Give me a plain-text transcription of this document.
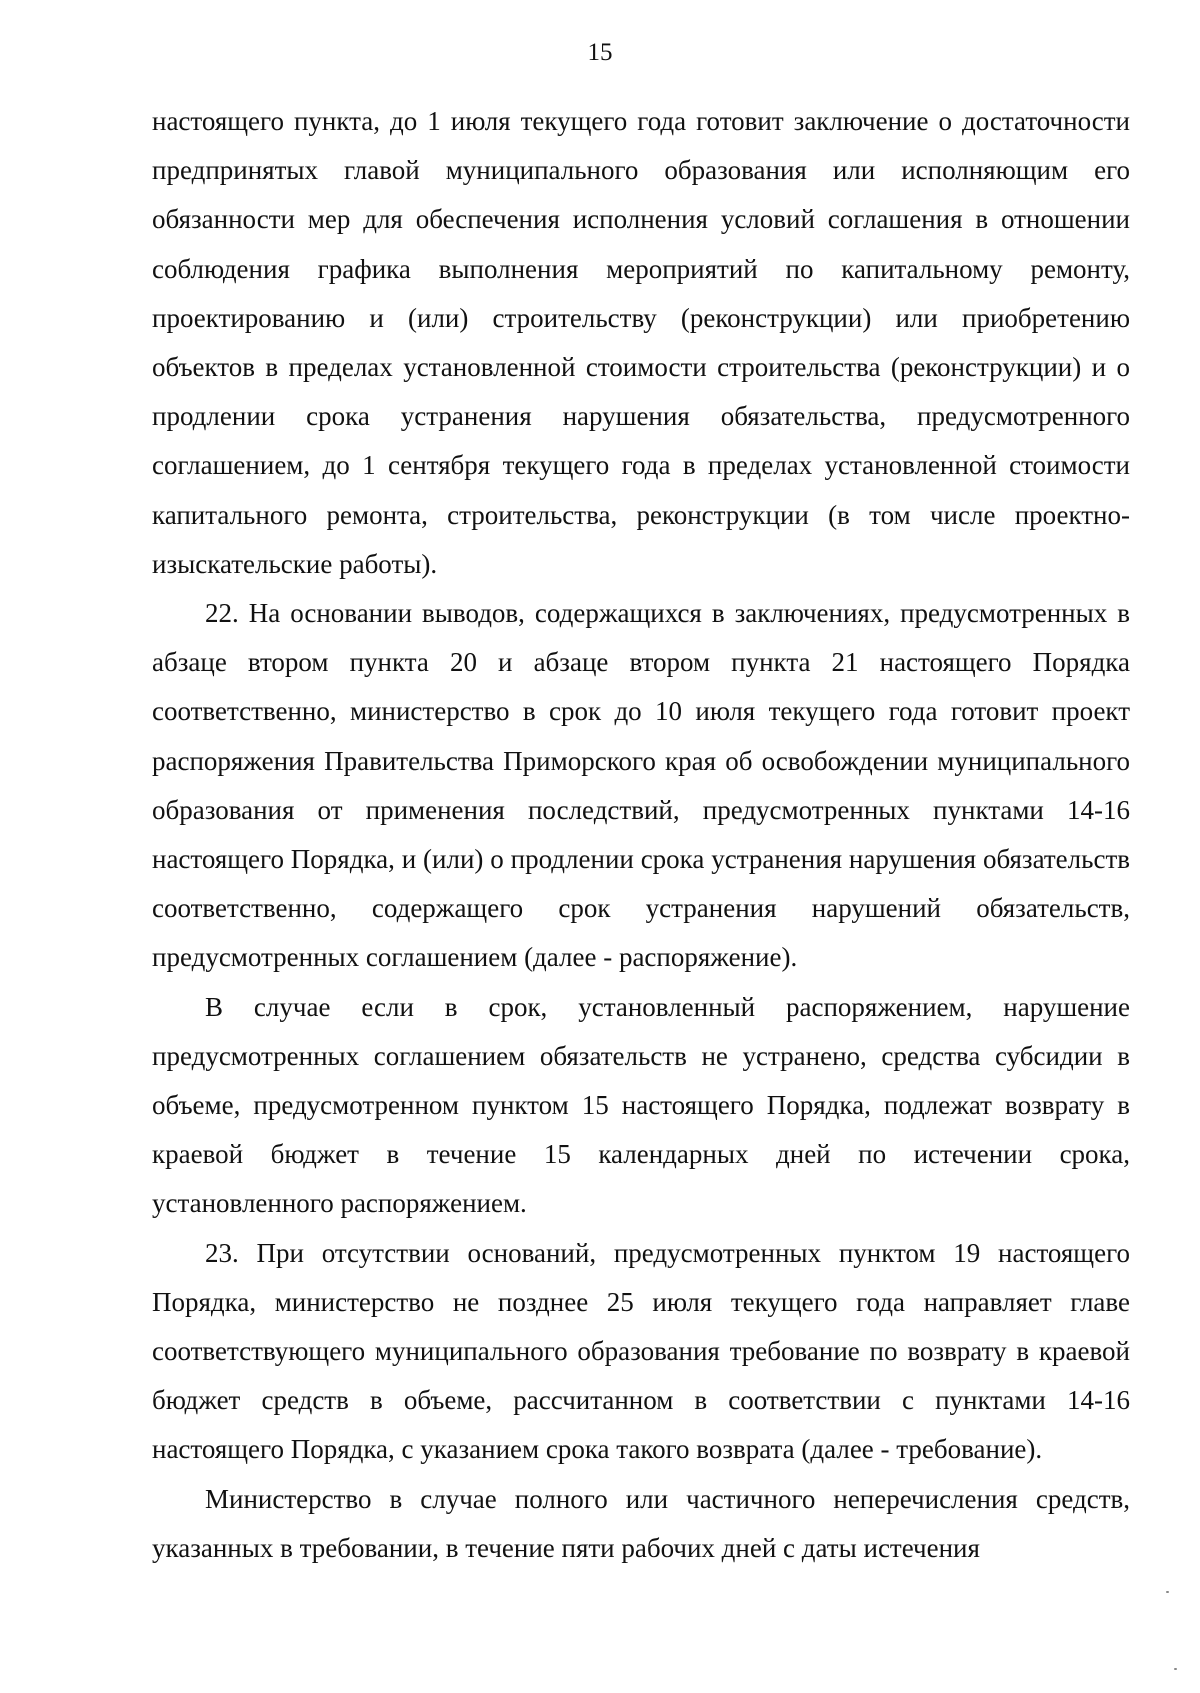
15

настоящего пункта, до 1 июля текущего года готовит заключение о достаточности предпринятых главой муниципального образования или исполняющим его обязанности мер для обеспечения исполнения условий соглашения в отношении соблюдения графика выполнения мероприятий по капитальному ремонту, проектированию и (или) строительству (реконструкции) или приобретению объектов в пределах установленной стоимости строительства (реконструкции) и о продлении срока устранения нарушения обязательства, предусмотренного соглашением, до 1 сентября текущего года в пределах установленной стоимости капитального ремонта, строительства, реконструкции (в том числе проектно-изыскательские работы).

22. На основании выводов, содержащихся в заключениях, предусмотренных в абзаце втором пункта 20 и абзаце втором пункта 21 настоящего Порядка соответственно, министерство в срок до 10 июля текущего года готовит проект распоряжения Правительства Приморского края об освобождении муниципального образования от применения последствий, предусмотренных пунктами 14-16 настоящего Порядка, и (или) о продлении срока устранения нарушения обязательств соответственно, содержащего срок устранения нарушений обязательств, предусмотренных соглашением (далее - распоряжение).

В случае если в срок, установленный распоряжением, нарушение предусмотренных соглашением обязательств не устранено, средства субсидии в объеме, предусмотренном пунктом 15 настоящего Порядка, подлежат возврату в краевой бюджет в течение 15 календарных дней по истечении срока, установленного распоряжением.

23. При отсутствии оснований, предусмотренных пунктом 19 настоящего Порядка, министерство не позднее 25 июля текущего года направляет главе соответствующего муниципального образования требование по возврату в краевой бюджет средств в объеме, рассчитанном в соответствии с пунктами 14-16 настоящего Порядка, с указанием срока такого возврата (далее - требование).

Министерство в случае полного или частичного неперечисления средств, указанных в требовании, в течение пяти рабочих дней с даты истечения
